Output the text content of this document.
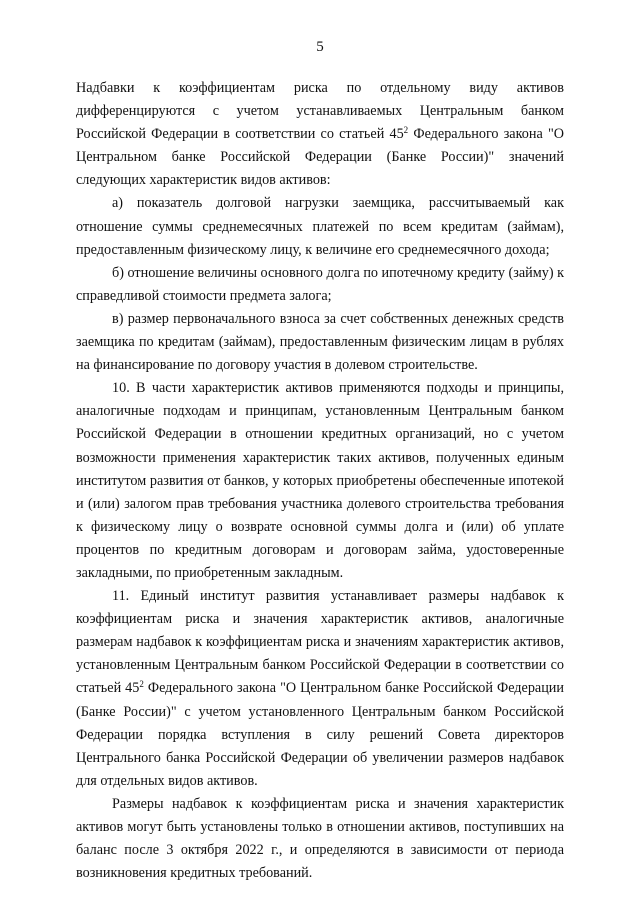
5

Надбавки к коэффициентам риска по отдельному виду активов дифференцируются с учетом устанавливаемых Центральным банком Российской Федерации в соответствии со статьей $45^2$ Федерального закона "О Центральном банке Российской Федерации (Банке России)" значений следующих характеристик видов активов:

а) показатель долговой нагрузки заемщика, рассчитываемый как отношение суммы среднемесячных платежей по всем кредитам (займам), предоставленным физическому лицу, к величине его среднемесячного дохода;

б) отношение величины основного долга по ипотечному кредиту (займу) к справедливой стоимости предмета залога;

в) размер первоначального взноса за счет собственных денежных средств заемщика по кредитам (займам), предоставленным физическим лицам в рублях на финансирование по договору участия в долевом строительстве.

10. В части характеристик активов применяются подходы и принципы, аналогичные подходам и принципам, установленным Центральным банком Российской Федерации в отношении кредитных организаций, но с учетом возможности применения характеристик таких активов, полученных единым институтом развития от банков, у которых приобретены обеспеченные ипотекой и (или) залогом прав требования участника долевого строительства требования к физическому лицу о возврате основной суммы долга и (или) об уплате процентов по кредитным договорам и договорам займа, удостоверенные закладными, по приобретенным закладным.

11. Единый институт развития устанавливает размеры надбавок к коэффициентам риска и значения характеристик активов, аналогичные размерам надбавок к коэффициентам риска и значениям характеристик активов, установленным Центральным банком Российской Федерации в соответствии со статьей $45^2$ Федерального закона "О Центральном банке Российской Федерации (Банке России)" с учетом установленного Центральным банком Российской Федерации порядка вступления в силу решений Совета директоров Центрального банка Российской Федерации об увеличении размеров надбавок для отдельных видов активов.

Размеры надбавок к коэффициентам риска и значения характеристик активов могут быть установлены только в отношении активов, поступивших на баланс после 3 октября 2022 г., и определяются в зависимости от периода возникновения кредитных требований.
